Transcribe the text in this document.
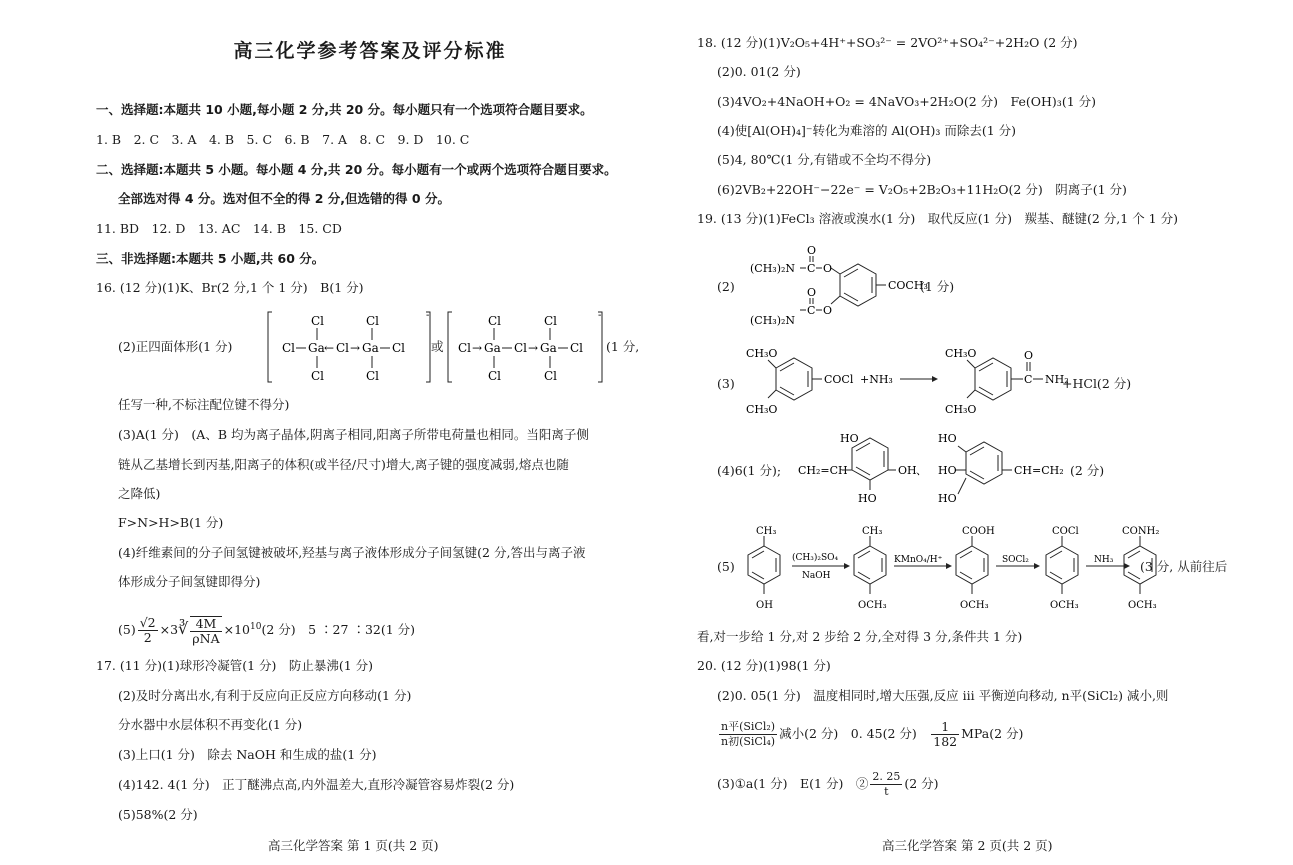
高三化学参考答案及评分标准
一、选择题:本题共 10 小题,每小题 2 分,共 20 分。每小题只有一个选项符合题目要求。
1. B　2. C　3. A　4. B　5. C　6. B　7. A　8. C　9. D　10. C
二、选择题:本题共 5 小题。每小题 4 分,共 20 分。每小题有一个或两个选项符合题目要求。
全部选对得 4 分。选对但不全的得 2 分,但选错的得 0 分。
11. BD　12. D　13. AC　14. B　15. CD
三、非选择题:本题共 5 小题,共 60 分。
16. (12 分)(1)K、Br(2 分,1 个 1 分)　B(1 分)
(2)正四面体形(1 分)
Cl	Cl
Cl Ga ← Cl → Ga Cl
Cl	Cl
-
或
Cl	Cl
Cl → Ga Cl → Ga Cl
Cl	Cl
-
(1 分,
任写一种,不标注配位键不得分)
(3)A(1 分)　(A、B 均为离子晶体,阴离子相同,阳离子所带电荷量也相同。当阳离子侧
链从乙基增长到丙基,阳离子的体积(或半径/尺寸)增大,离子键的强度减弱,熔点也随
之降低)
F>N>H>B(1 分)
(4)纤维素间的分子间氢键被破坏,羟基与离子液体形成分子间氢键(2 分,答出与离子液
体形成分子间氢键即得分)
$(5) \frac{√2}{2}$ ×3∛ $\frac{4M}{\text{ρNA}} \times 10^{10}(2$ 分)　5 ∶27 ∶32(1 分)
17. (11 分)(1)球形冷凝管(1 分)　防止暴沸(1 分)
(2)及时分离出水,有利于反应向正反应方向移动(1 分)
分水器中水层体积不再变化(1 分)
(3)上口(1 分)　除去 NaOH 和生成的盐(1 分)
(4)142. 4(1 分)　正丁醚沸点高,内外温差大,直形冷凝管容易炸裂(2 分)
(5)58%(2 分)
高三化学答案 第 1 页(共 2 页)
18. (12 分)(1)V₂O₅+4H⁺+SO₃²⁻ = 2VO²⁺+SO₄²⁻+2H₂O (2 分)
(2)0. 01(2 分)
(3)4VO₂+4NaOH+O₂ = 4NaVO₃+2H₂O(2 分)　Fe(OH)₃(1 分)
(4)使[Al(OH)₄]⁻转化为难溶的 Al(OH)₃ 而除去(1 分)
(5)4, 80℃(1 分,有错或不全均不得分)
(6)2VB₂+22OH⁻−22e⁻ = V₂O₅+2B₂O₃+11H₂O(2 分)　阴离子(1 分)
19. (13 分)(1)FeCl₃ 溶液或溴水(1 分)　取代反应(1 分)　羰基、醚键(2 分,1 个 1 分)
(2)
(CH₃)₂N C
O
O
COCH₃
O
C
O
(CH₃)₂N
(1 分)
(3)
CH₃O
CH₃O
COCl +NH₃
CH₃O
CH₃O
C
O
NH₂
+HCl(2 分)
(4)6(1 分); CH₂=CH
HO
HO
OH 、
HO
HO
HO
CH=CH₂ (2 分)
(5)
CH₃
OH
(CH₃)₂SO₄
NaOH
CH₃
OCH₃
KMnO₄/H⁺
COOH
OCH₃
SOCl₂
COCl
OCH₃
NH₃
CONH₂
OCH₃
(3 分, 从前往后
看,对一步给 1 分,对 2 步给 2 分,全对得 3 分,条件共 1 分)
20. (12 分)(1)98(1 分)
(2)0. 05(1 分)　温度相同时,增大压强,反应 iii 平衡逆向移动, n平(SiCl₂) 减小,则
$\frac{\text{n平(SiCl₂)}}{\text{n初(SiCl₄)}}$ 减小(2 分)　0. 45(2 分)　 $\frac{1}{182} MPa(2$ 分)
(3)①a(1 分)　E(1 分)　② $\frac{2. 25}{t} (2$ 分)
高三化学答案 第 2 页(共 2 页)
